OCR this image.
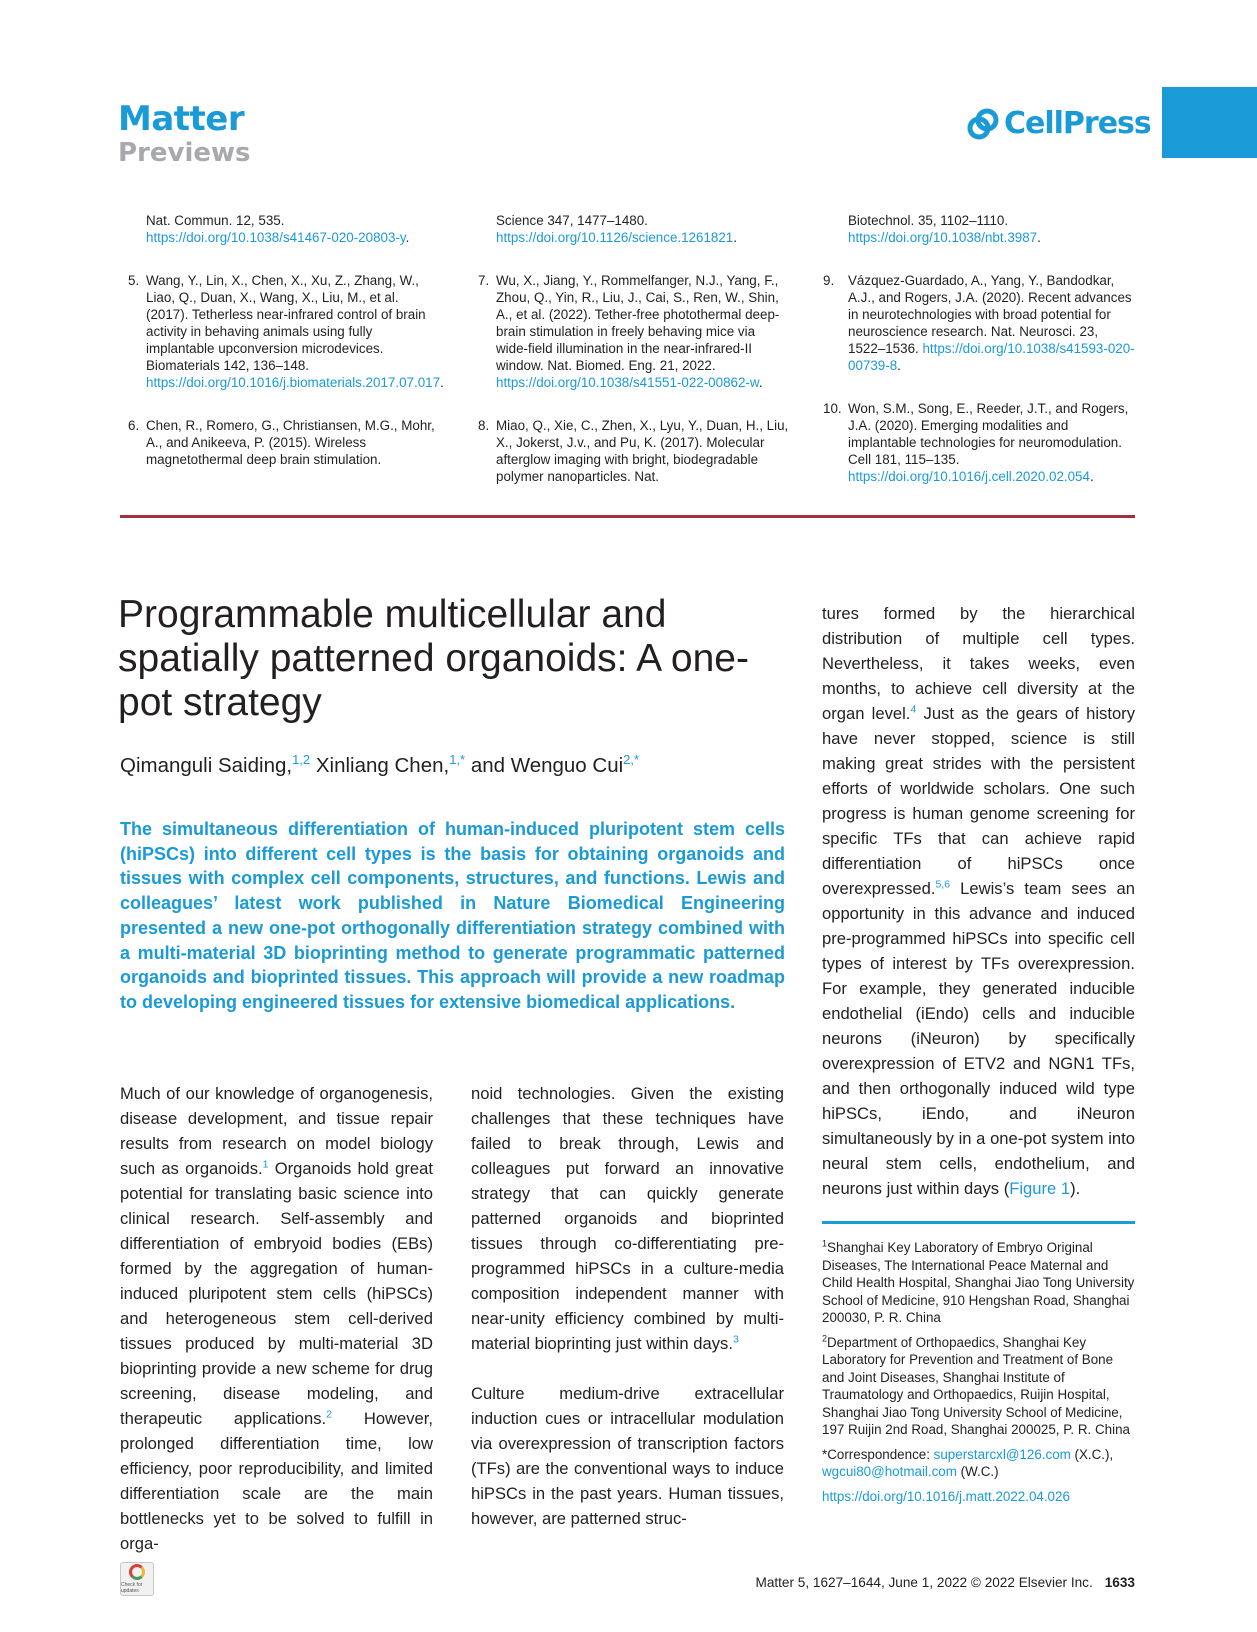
Matter
Previews
CellPress
Nat. Commun. 12, 535. https://doi.org/10.1038/s41467-020-20803-y.
5. Wang, Y., Lin, X., Chen, X., Xu, Z., Zhang, W., Liao, Q., Duan, X., Wang, X., Liu, M., et al. (2017). Tetherless near-infrared control of brain activity in behaving animals using fully implantable upconversion microdevices. Biomaterials 142, 136–148. https://doi.org/10.1016/j.biomaterials.2017.07.017.
6. Chen, R., Romero, G., Christiansen, M.G., Mohr, A., and Anikeeva, P. (2015). Wireless magnetothermal deep brain stimulation.
Science 347, 1477–1480. https://doi.org/10.1126/science.1261821.
7. Wu, X., Jiang, Y., Rommelfanger, N.J., Yang, F., Zhou, Q., Yin, R., Liu, J., Cai, S., Ren, W., Shin, A., et al. (2022). Tether-free photothermal deep-brain stimulation in freely behaving mice via wide-field illumination in the near-infrared-II window. Nat. Biomed. Eng. 21, 2022. https://doi.org/10.1038/s41551-022-00862-w.
8. Miao, Q., Xie, C., Zhen, X., Lyu, Y., Duan, H., Liu, X., Jokerst, J.v., and Pu, K. (2017). Molecular afterglow imaging with bright, biodegradable polymer nanoparticles. Nat.
Biotechnol. 35, 1102–1110. https://doi.org/10.1038/nbt.3987.
9.	Vázquez-Guardado, A., Yang, Y., Bandodkar, A.J., and Rogers, J.A. (2020). Recent advances in neurotechnologies with broad potential for neuroscience research. Nat. Neurosci. 23, 1522–1536. https://doi.org/10.1038/s41593-020-00739-8.
10. Won, S.M., Song, E., Reeder, J.T., and Rogers, J.A. (2020). Emerging modalities and implantable technologies for neuromodulation. Cell 181, 115–135. https://doi.org/10.1016/j.cell.2020.02.054.
Programmable multicellular and spatially patterned organoids: A one-pot strategy
Qimanguli Saiding,$^{1,2}$ Xinliang Chen,$^{1,*}$ and Wenguo Cui$^{2,*}$

The simultaneous differentiation of human-induced pluripotent stem cells (hiPSCs) into different cell types is the basis for obtaining organoids and tissues with complex cell components, structures, and functions. Lewis and colleagues’ latest work published in Nature Biomedical Engineering presented a new one-pot orthogonally differentiation strategy combined with a multi-material 3D bioprinting method to generate programmatic patterned organoids and bioprinted tissues. This approach will provide a new roadmap to developing engineered tissues for extensive biomedical applications.

Much of our knowledge of organogenesis, disease development, and tissue repair results from research on model biology such as organoids.$^1$ Organoids hold great potential for translating basic science into clinical research. Self-assembly and differentiation of embryoid bodies (EBs) formed by the aggregation of human-induced pluripotent stem cells (hiPSCs) and heterogeneous stem cell-derived tissues produced by multi-material 3D bioprinting provide a new scheme for drug screening, disease modeling, and therapeutic applications.$^2$ However, prolonged differentiation time, low efficiency, poor reproducibility, and limited differentiation scale are the main bottlenecks yet to be solved to fulfill in orga-

noid technologies. Given the existing challenges that these techniques have failed to break through, Lewis and colleagues put forward an innovative strategy that can quickly generate patterned organoids and bioprinted tissues through co-differentiating pre-programmed hiPSCs in a culture-media composition independent manner with near-unity efficiency combined by multi-material bioprinting just within days.$^3$

Culture medium-drive extracellular induction cues or intracellular modulation via overexpression of transcription factors (TFs) are the conventional ways to induce hiPSCs in the past years. Human tissues, however, are patterned struc-

tures formed by the hierarchical distribution of multiple cell types. Nevertheless, it takes weeks, even months, to achieve cell diversity at the organ level.$^4$ Just as the gears of history have never stopped, science is still making great strides with the persistent efforts of worldwide scholars. One such progress is human genome screening for specific TFs that can achieve rapid differentiation of hiPSCs once overexpressed.$^{5,6}$ Lewis’s team sees an opportunity in this advance and induced pre-programmed hiPSCs into specific cell types of interest by TFs overexpression. For example, they generated inducible endothelial (iEndo) cells and inducible neurons (iNeuron) by specifically overexpression of ETV2 and NGN1 TFs, and then orthogonally induced wild type hiPSCs, iEndo, and iNeuron simultaneously by in a one-pot system into neural stem cells, endothelium, and neurons just within days (Figure 1).

$^1$Shanghai Key Laboratory of Embryo Original Diseases, The International Peace Maternal and Child Health Hospital, Shanghai Jiao Tong University School of Medicine, 910 Hengshan Road, Shanghai 200030, P. R. China

$^2$Department of Orthopaedics, Shanghai Key Laboratory for Prevention and Treatment of Bone and Joint Diseases, Shanghai Institute of Traumatology and Orthopaedics, Ruijin Hospital, Shanghai Jiao Tong University School of Medicine, 197 Ruijin 2nd Road, Shanghai 200025, P. R. China

*Correspondence: superstarcxl@126.com (X.C.),
wgcui80@hotmail.com (W.C.)

https://doi.org/10.1016/j.matt.2022.04.026

Check for updates
Matter 5, 1627–1644, June 1, 2022 © 2022 Elsevier Inc. 1633
